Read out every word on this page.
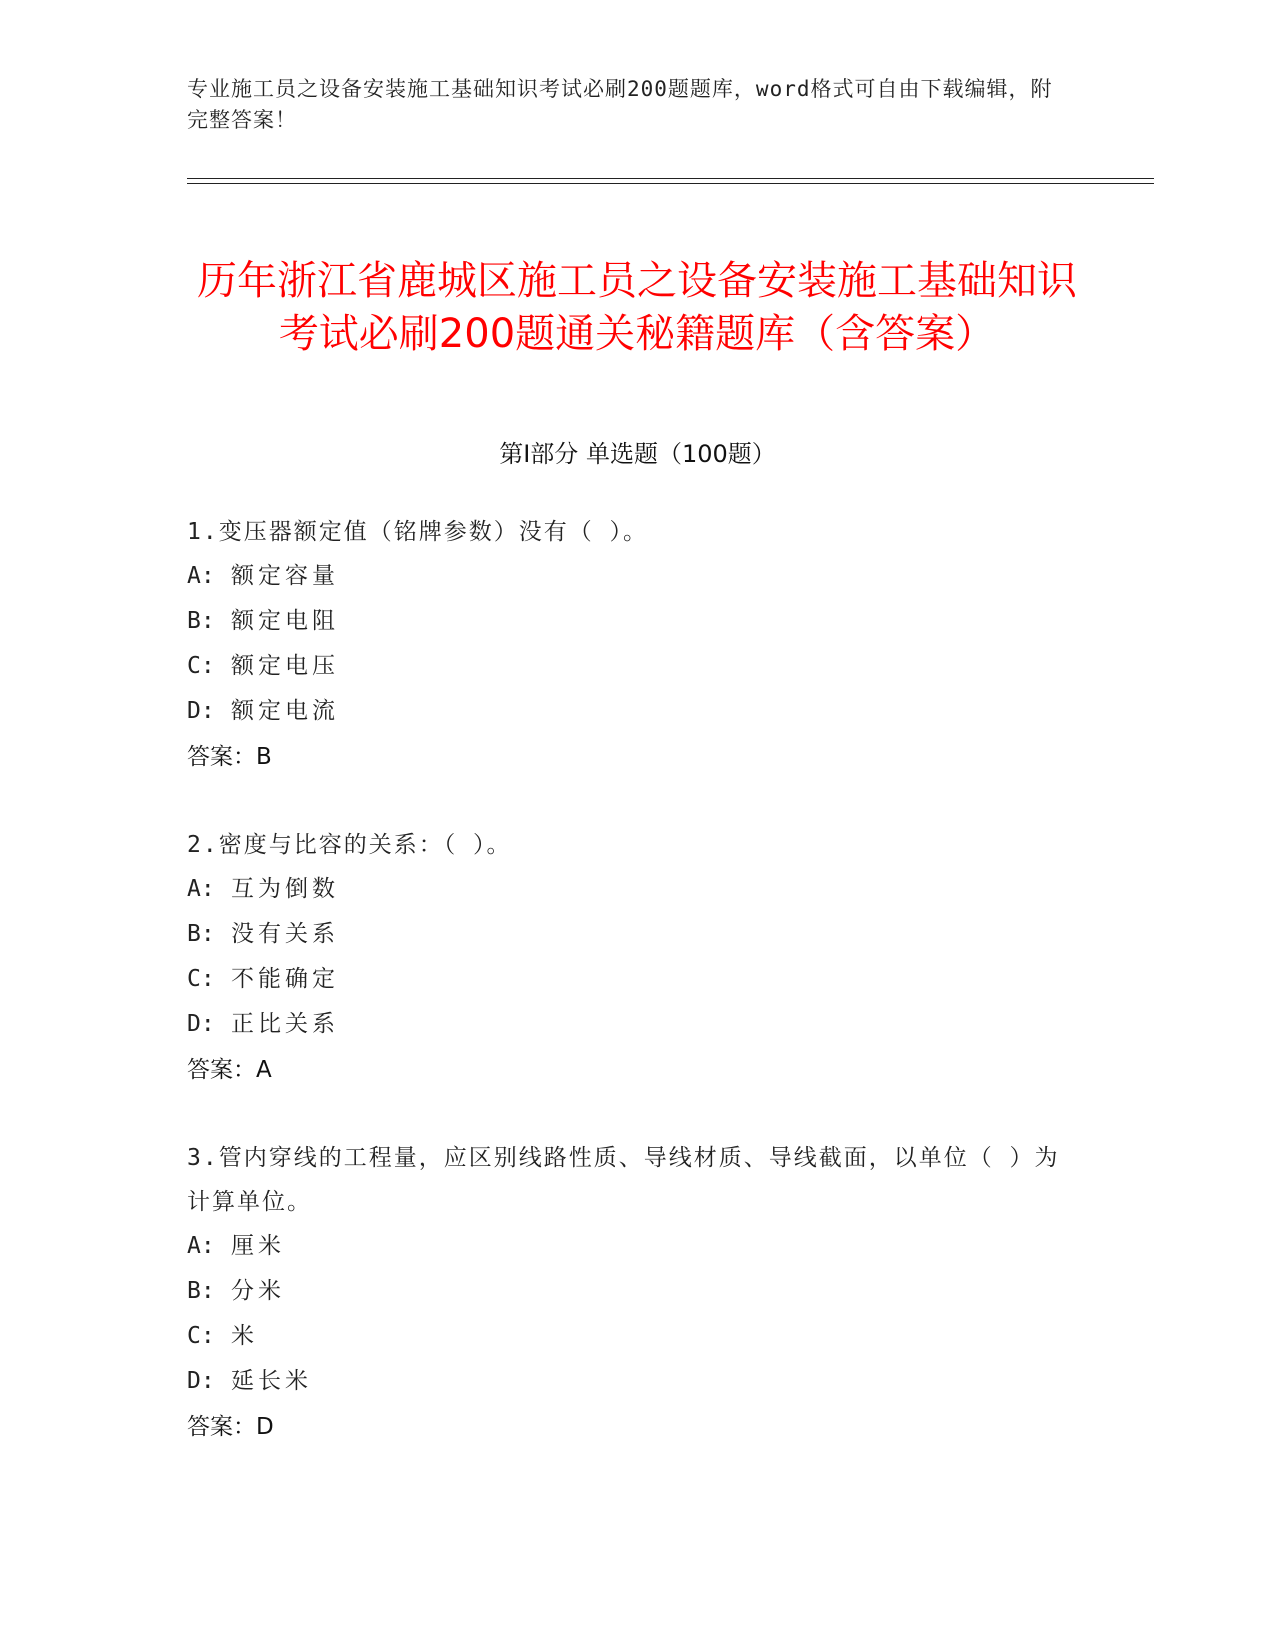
专业施工员之设备安装施工基础知识考试必刷200题题库，word格式可自由下载编辑，附完整答案！
历年浙江省鹿城区施工员之设备安装施工基础知识考试必刷200题通关秘籍题库（含答案）
第I部分 单选题（100题）
1.变压器额定值（铭牌参数）没有（ ）。
A: 额定容量
B: 额定电阻
C: 额定电压
D: 额定电流
答案：B
2.密度与比容的关系：（ ）。
A: 互为倒数
B: 没有关系
C: 不能确定
D: 正比关系
答案：A
3.管内穿线的工程量，应区别线路性质、导线材质、导线截面，以单位（ ）为计算单位。
A: 厘米
B: 分米
C: 米
D: 延长米
答案：D
